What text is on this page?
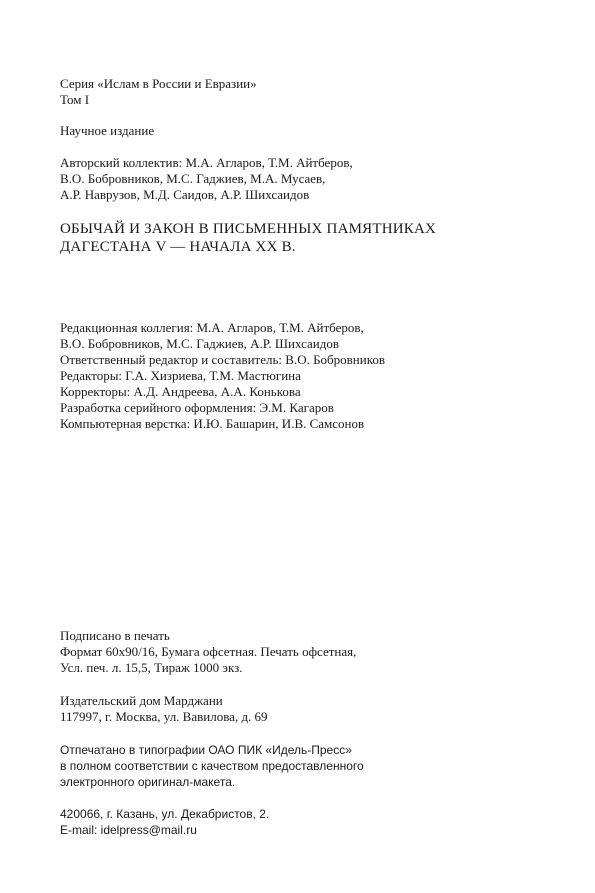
Серия «Ислам в России и Евразии»
Том I
Научное издание
Авторский коллектив: М.А. Агларов, Т.М. Айтберов,
В.О. Бобровников, М.С. Гаджиев, М.А. Мусаев,
А.Р. Наврузов, М.Д. Саидов, А.Р. Шихсаидов
ОБЫЧАЙ И ЗАКОН В ПИСЬМЕННЫХ ПАМЯТНИКАХ
ДАГЕСТАНА V — НАЧАЛА XX В.
Редакционная коллегия: М.А. Агларов, Т.М. Айтберов,
В.О. Бобровников, М.С. Гаджиев, А.Р. Шихсаидов
Ответственный редактор и составитель: В.О. Бобровников
Редакторы: Г.А. Хизриева, Т.М. Мастюгина
Корректоры: А.Д. Андреева, А.А. Конькова
Разработка серийного оформления: Э.М. Кагаров
Компьютерная верстка: И.Ю. Башарин, И.В. Самсонов
Подписано в печать
Формат 60х90/16, Бумага офсетная. Печать офсетная,
Усл. печ. л. 15,5, Тираж 1000 экз.
Издательский дом Марджани
117997, г. Москва, ул. Вавилова, д. 69
Отпечатано в типографии ОАО ПИК «Идель-Пресс»
в полном соответствии с качеством предоставленного
электронного оригинал-макета.
420066, г. Казань, ул. Декабристов, 2.
E-mail: idelpress@mail.ru
